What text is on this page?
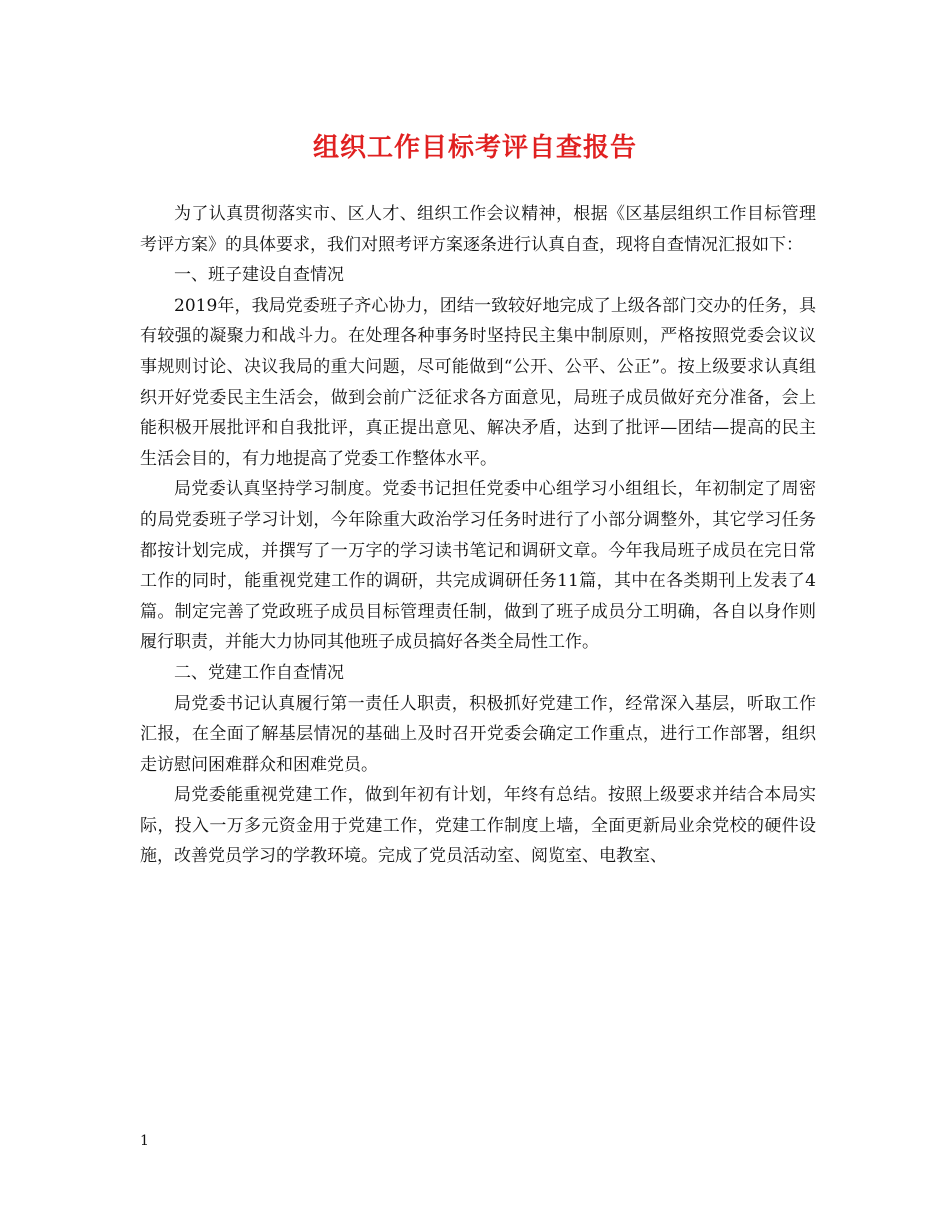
组织工作目标考评自查报告

为了认真贯彻落实市、区人才、组织工作会议精神，根据《区基层组织工作目标管理考评方案》的具体要求，我们对照考评方案逐条进行认真自查，现将自查情况汇报如下：

一、班子建设自查情况

2019年，我局党委班子齐心协力，团结一致较好地完成了上级各部门交办的任务，具有较强的凝聚力和战斗力。在处理各种事务时坚持民主集中制原则，严格按照党委会议议事规则讨论、决议我局的重大问题，尽可能做到“公开、公平、公正”。按上级要求认真组织开好党委民主生活会，做到会前广泛征求各方面意见，局班子成员做好充分准备，会上能积极开展批评和自我批评，真正提出意见、解决矛盾，达到了批评—团结—提高的民主生活会目的，有力地提高了党委工作整体水平。

局党委认真坚持学习制度。党委书记担任党委中心组学习小组组长，年初制定了周密的局党委班子学习计划，今年除重大政治学习任务时进行了小部分调整外，其它学习任务都按计划完成，并撰写了一万字的学习读书笔记和调研文章。今年我局班子成员在完日常工作的同时，能重视党建工作的调研，共完成调研任务11篇，其中在各类期刊上发表了4篇。制定完善了党政班子成员目标管理责任制，做到了班子成员分工明确，各自以身作则履行职责，并能大力协同其他班子成员搞好各类全局性工作。

二、党建工作自查情况

局党委书记认真履行第一责任人职责，积极抓好党建工作，经常深入基层，听取工作汇报，在全面了解基层情况的基础上及时召开党委会确定工作重点，进行工作部署，组织走访慰问困难群众和困难党员。

局党委能重视党建工作，做到年初有计划，年终有总结。按照上级要求并结合本局实际，投入一万多元资金用于党建工作，党建工作制度上墙，全面更新局业余党校的硬件设施，改善党员学习的学教环境。完成了党员活动室、阅览室、电教室、

1
